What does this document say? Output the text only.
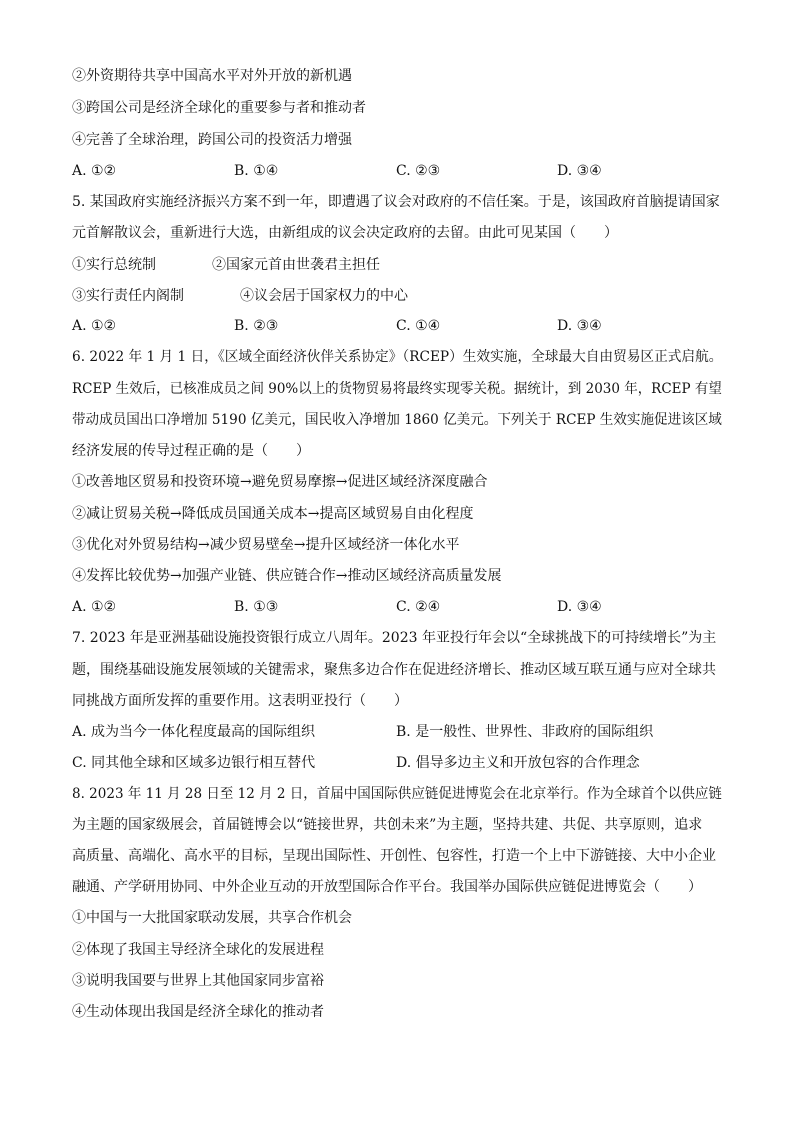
②外资期待共享中国高水平对外开放的新机遇
③跨国公司是经济全球化的重要参与者和推动者
④完善了全球治理，跨国公司的投资活力增强
A. ①②	B. ①④	C. ②③	D. ③④
5. 某国政府实施经济振兴方案不到一年，即遭遇了议会对政府的不信任案。于是，该国政府首脑提请国家
元首解散议会，重新进行大选，由新组成的议会决定政府的去留。由此可见某国（　　）
①实行总统制	②国家元首由世袭君主担任
③实行责任内阁制	④议会居于国家权力的中心
A. ①②	B. ②③	C. ①④	D. ③④
6. 2022 年 1 月 1 日，《区域全面经济伙伴关系协定》（RCEP）生效实施，全球最大自由贸易区正式启航。
RCEP 生效后，已核准成员之间 90%以上的货物贸易将最终实现零关税。据统计，到 2030 年，RCEP 有望
带动成员国出口净增加 5190 亿美元，国民收入净增加 1860 亿美元。下列关于 RCEP 生效实施促进该区域
经济发展的传导过程正确的是（　　）
①改善地区贸易和投资环境→避免贸易摩擦→促进区域经济深度融合
②减让贸易关税→降低成员国通关成本→提高区域贸易自由化程度
③优化对外贸易结构→减少贸易壁垒→提升区域经济一体化水平
④发挥比较优势→加强产业链、供应链合作→推动区域经济高质量发展
A. ①②	B. ①③	C. ②④	D. ③④
7. 2023 年是亚洲基础设施投资银行成立八周年。2023 年亚投行年会以“全球挑战下的可持续增长”为主
题，围绕基础设施发展领域的关键需求，聚焦多边合作在促进经济增长、推动区域互联互通与应对全球共
同挑战方面所发挥的重要作用。这表明亚投行（　　）
A. 成为当今一体化程度最高的国际组织	B. 是一般性、世界性、非政府的国际组织
C. 同其他全球和区域多边银行相互替代	D. 倡导多边主义和开放包容的合作理念
8. 2023 年 11 月 28 日至 12 月 2 日，首届中国国际供应链促进博览会在北京举行。作为全球首个以供应链
为主题的国家级展会，首届链博会以“链接世界，共创未来”为主题，坚持共建、共促、共享原则，追求
高质量、高端化、高水平的目标，呈现出国际性、开创性、包容性，打造一个上中下游链接、大中小企业
融通、产学研用协同、中外企业互动的开放型国际合作平台。我国举办国际供应链促进博览会（　　）
①中国与一大批国家联动发展，共享合作机会
②体现了我国主导经济全球化的发展进程
③说明我国要与世界上其他国家同步富裕
④生动体现出我国是经济全球化的推动者
